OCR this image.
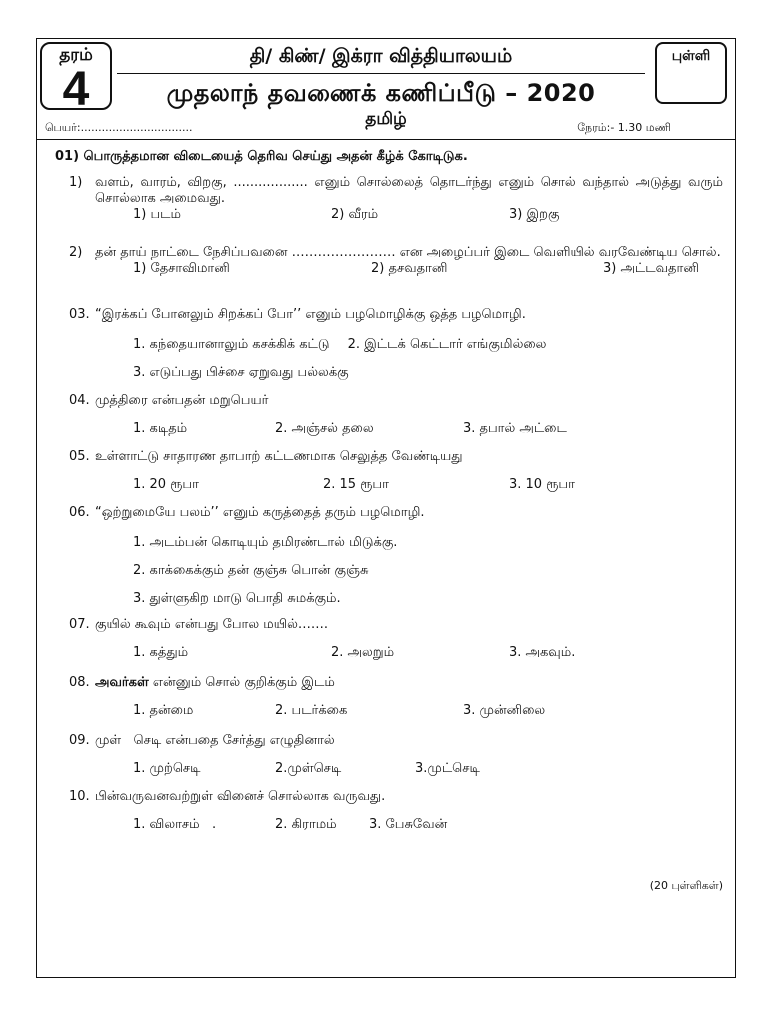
தரம்
4
தி/ கிண்/ இக்ரா வித்தியாலயம்
முதலாந் தவணைக் கணிப்பீடு – 2020
புள்ளி
தமிழ்
பெயர்:................................	நேரம்:- 1.30 மணி
01) பொருத்தமான விடையைத் தெரிவ செய்து அதன் கீழ்க் கோடிடுக.
1) வளம், வாரம், விறகு, .................. எனும் சொல்லைத் தொடர்ந்து எனும் சொல் வந்தால் அடுத்து வரும் சொல்லாக அமைவது.
1) படம்	2) வீரம்	3) இறகு
2) தன் தாய் நாட்டை நேசிப்பவனை …………………… என அழைப்பர் இடை வெளியில் வரவேண்டிய சொல்.
1) தேசாவிமானி	2) தசவதானி	3) அட்டவதானி
03. “இரக்கப் போனலும் சிறக்கப் போ’’ எனும் பழமொழிக்கு ஒத்த பழமொழி.
1. கந்தையானாலும் கசக்கிக் கட்டு 2. இட்டக் கெட்டார் எங்குமில்லை
3. எடுப்பது பிச்சை ஏறுவது பல்லக்கு
04. முத்திரை என்பதன் மறுபெயர்
1. கடிதம்	2. அஞ்சல் தலை	3. தபால் அட்டை
05. உள்ளாட்டு சாதாரண தாபாற் கட்டணமாக செலுத்த வேண்டியது
1. 20 ரூபா	2. 15 ரூபா	3. 10 ரூபா
06. “ஒற்றுமையே பலம்’’ எனும் கருத்தைத் தரும் பழமொழி.
1. அடம்பன் கொடியும் தமிரண்டால் மிடுக்கு.
2. காக்கைக்கும் தன் குஞ்சு பொன் குஞ்சு
3. துள்ளுகிற மாடு பொதி சுமக்கும்.
07. குயில் கூவும் என்பது போல மயில்…….
1. கத்தும்	2. அலறும்	3. அகவும்.
08. அவர்கள் என்னும் சொல் குறிக்கும் இடம்
1. தன்மை	2. படர்க்கை	3. முன்னிலை
09. முள்   செடி என்பதை சேர்த்து எழுதினால்
1. முற்செடி	2.முள்செடி	3.முட்செடி
10. பின்வருவனவற்றுள் வினைச் சொல்லாக வருவது.
1. விலாசம்   .	2. கிராமம் 3. பேசுவேன்
(20 புள்ளிகள்)
